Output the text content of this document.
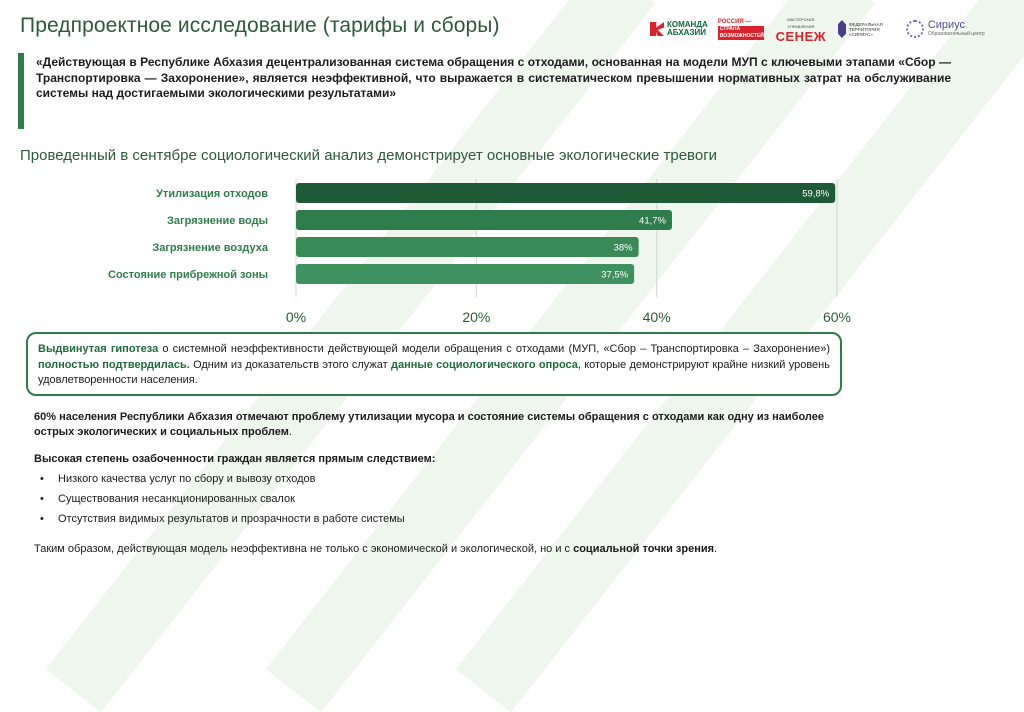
Предпроектное исследование (тарифы и сборы)	КОМАНДА
АБХАЗИИ
РОССИЯ —
СТРАНА
ВОЗМОЖНОСТЕЙ
МАСТЕРСКАЯ УПРАВЛЕНИЯ
СЕНЕЖ
ФЕДЕРАЛЬНАЯ ТЕРРИТОРИЯ «СИРИУС»
Сириус
Образовательный центр
«Действующая в Республике Абхазия децентрализованная система обращения с отходами, основанная на модели МУП с ключевыми этапами «Сбор — Транспортировка — Захоронение», является неэффективной, что выражается в систематическом превышении нормативных затрат на обслуживание системы над достигаемыми экологическими результатами»
Проведенный в сентябре социологический анализ демонстрирует основные экологические тревоги
0%	20%	40%	60%
Утилизация отходов	59,8%
Загрязнение воды	41,7%
Загрязнение воздуха	38%
Состояние прибрежной зоны	37,5%
Выдвинутая гипотеза о системной неэффективности действующей модели обращения с отходами (МУП, «Сбор – Транспортировка – Захоронение») полностью подтвердилась. Одним из доказательств этого служат данные социологического опроса, которые демонстрируют крайне низкий уровень удовлетворенности населения.
60% населения Республики Абхазия отмечают проблему утилизации мусора и состояние системы обращения с отходами как одну из наиболее острых экологических и социальных проблем.
Высокая степень озабоченности граждан является прямым следствием:
• Низкого качества услуг по сбору и вывозу отходов
• Существования несанкционированных свалок
• Отсутствия видимых результатов и прозрачности в работе системы
Таким образом, действующая модель неэффективна не только с экономической и экологической, но и с социальной точки зрения.
